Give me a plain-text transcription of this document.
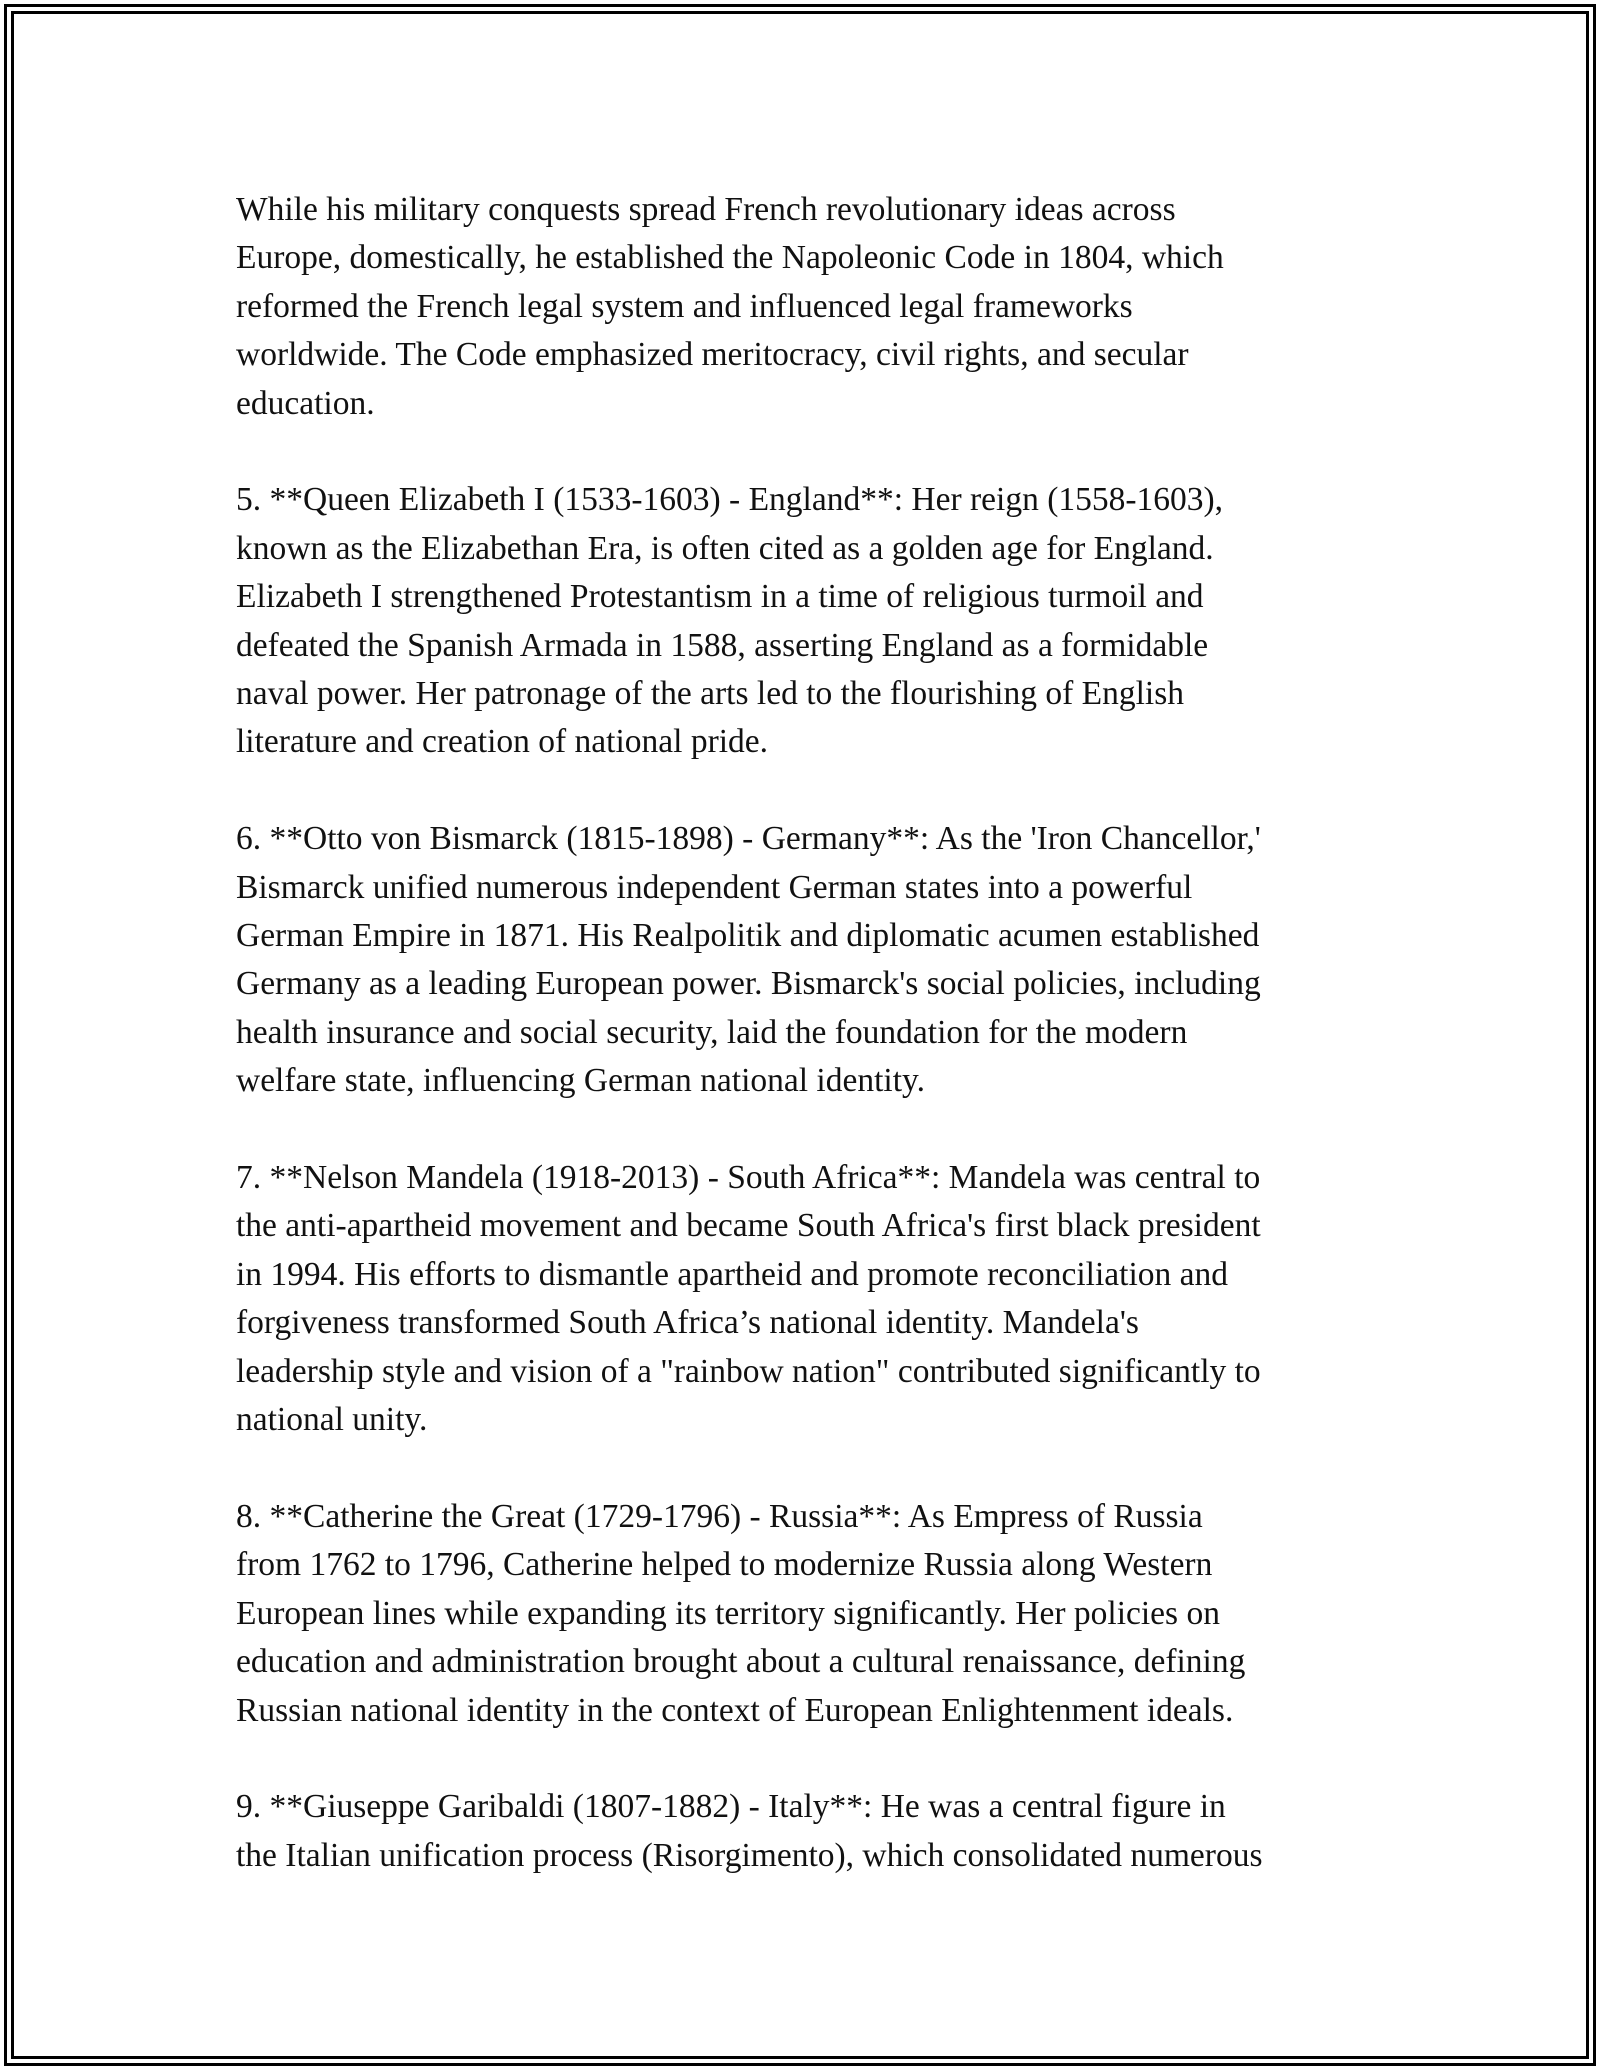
While his military conquests spread French revolutionary ideas across
Europe, domestically, he established the Napoleonic Code in 1804, which
reformed the French legal system and influenced legal frameworks
worldwide. The Code emphasized meritocracy, civil rights, and secular
education.

5. **Queen Elizabeth I (1533-1603) - England**: Her reign (1558-1603),
known as the Elizabethan Era, is often cited as a golden age for England.
Elizabeth I strengthened Protestantism in a time of religious turmoil and
defeated the Spanish Armada in 1588, asserting England as a formidable
naval power. Her patronage of the arts led to the flourishing of English
literature and creation of national pride.

6. **Otto von Bismarck (1815-1898) - Germany**: As the 'Iron Chancellor,'
Bismarck unified numerous independent German states into a powerful
German Empire in 1871. His Realpolitik and diplomatic acumen established
Germany as a leading European power. Bismarck's social policies, including
health insurance and social security, laid the foundation for the modern
welfare state, influencing German national identity.

7. **Nelson Mandela (1918-2013) - South Africa**: Mandela was central to
the anti-apartheid movement and became South Africa's first black president
in 1994. His efforts to dismantle apartheid and promote reconciliation and
forgiveness transformed South Africa’s national identity. Mandela's
leadership style and vision of a "rainbow nation" contributed significantly to
national unity.

8. **Catherine the Great (1729-1796) - Russia**: As Empress of Russia
from 1762 to 1796, Catherine helped to modernize Russia along Western
European lines while expanding its territory significantly. Her policies on
education and administration brought about a cultural renaissance, defining
Russian national identity in the context of European Enlightenment ideals.

9. **Giuseppe Garibaldi (1807-1882) - Italy**: He was a central figure in
the Italian unification process (Risorgimento), which consolidated numerous
